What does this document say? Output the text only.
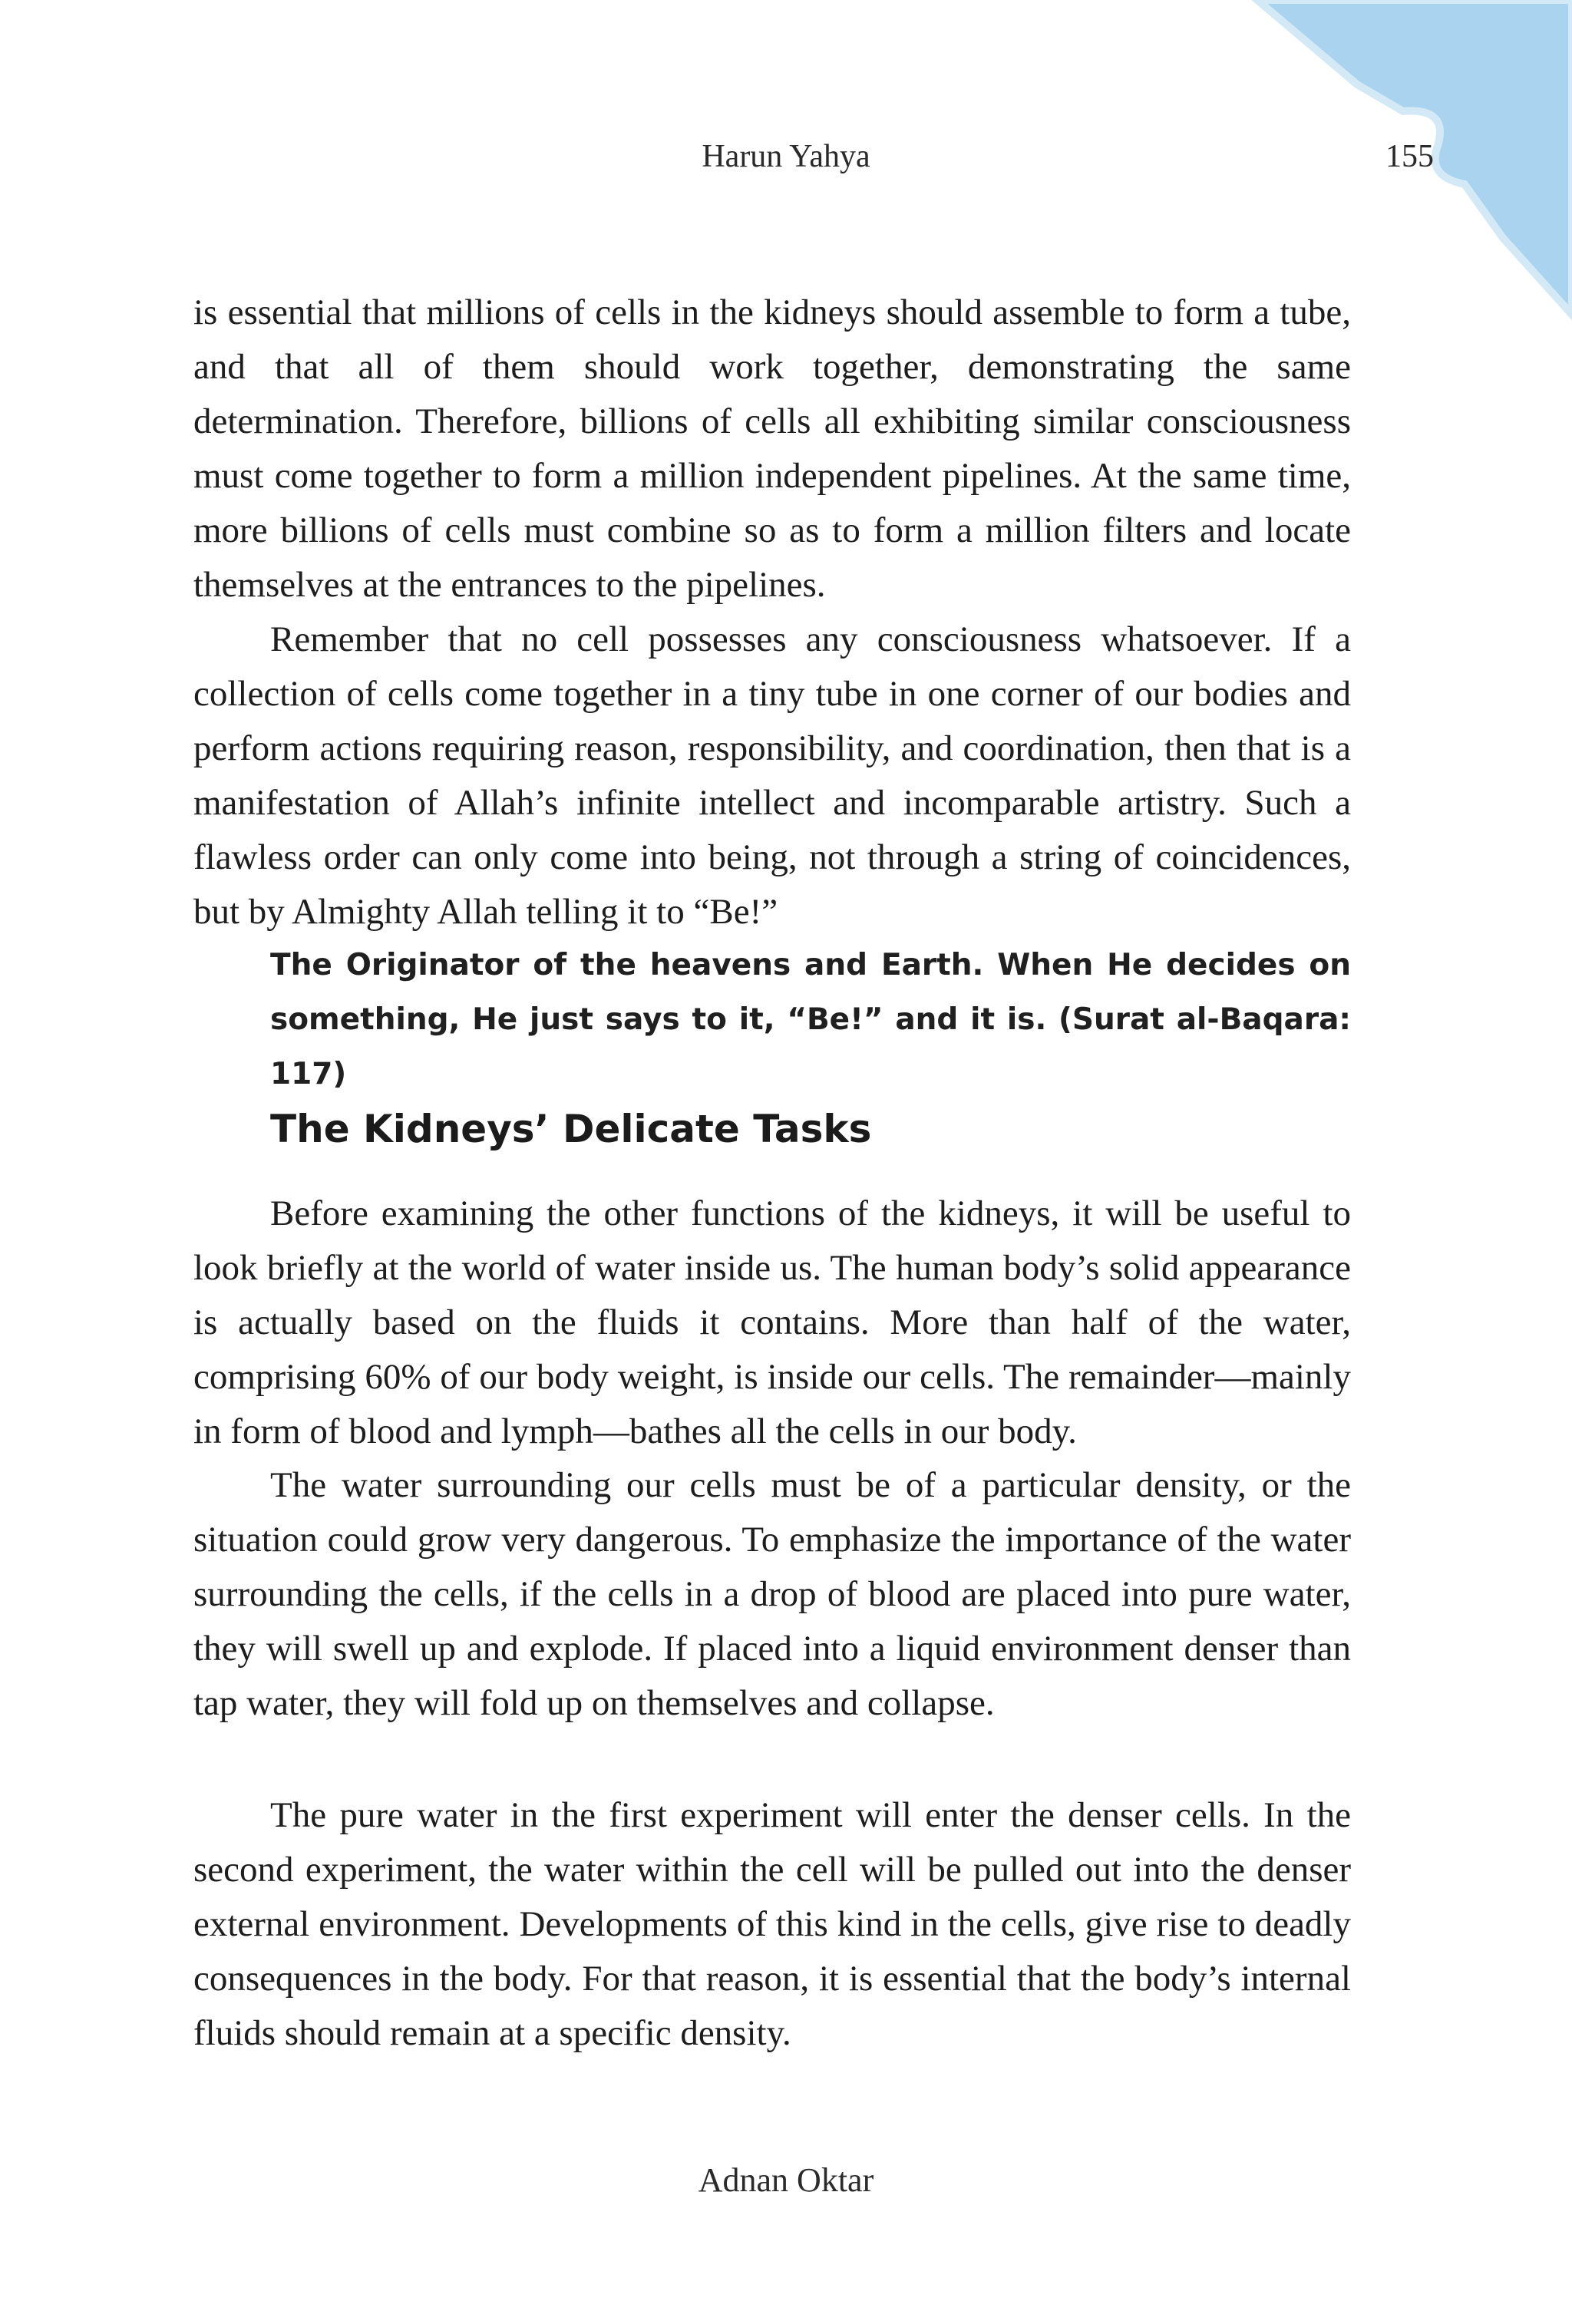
Harun Yahya	155

is essential that millions of cells in the kidneys should assemble to form a tube, and that all of them should work together, demonstrating the same determination. Therefore, billions of cells all exhibiting similar consciousness must come together to form a million independent pipelines. At the same time, more billions of cells must combine so as to form a million filters and locate themselves at the entrances to the pipelines.

Remember that no cell possesses any consciousness whatsoever. If a collection of cells come together in a tiny tube in one corner of our bodies and perform actions requiring reason, responsibility, and coordination, then that is a manifestation of Allah’s infinite intellect and incomparable artistry. Such a flawless order can only come into being, not through a string of coincidences, but by Almighty Allah telling it to “Be!”

The Originator of the heavens and Earth. When He decides on something, He just says to it, “Be!” and it is. (Surat al-Baqara: 117)

The Kidneys’ Delicate Tasks

Before examining the other functions of the kidneys, it will be useful to look briefly at the world of water inside us. The human body’s solid appearance is actually based on the fluids it contains. More than half of the water, comprising 60% of our body weight, is inside our cells. The remainder—mainly in form of blood and lymph—bathes all the cells in our body.

The water surrounding our cells must be of a particular density, or the situation could grow very dangerous. To emphasize the importance of the water surrounding the cells, if the cells in a drop of blood are placed into pure water, they will swell up and explode. If placed into a liquid environment denser than tap water, they will fold up on themselves and collapse.

The pure water in the first experiment will enter the denser cells. In the second experiment, the water within the cell will be pulled out into the denser external environment. Developments of this kind in the cells, give rise to deadly consequences in the body. For that reason, it is essential that the body’s internal fluids should remain at a specific density.

Adnan Oktar
